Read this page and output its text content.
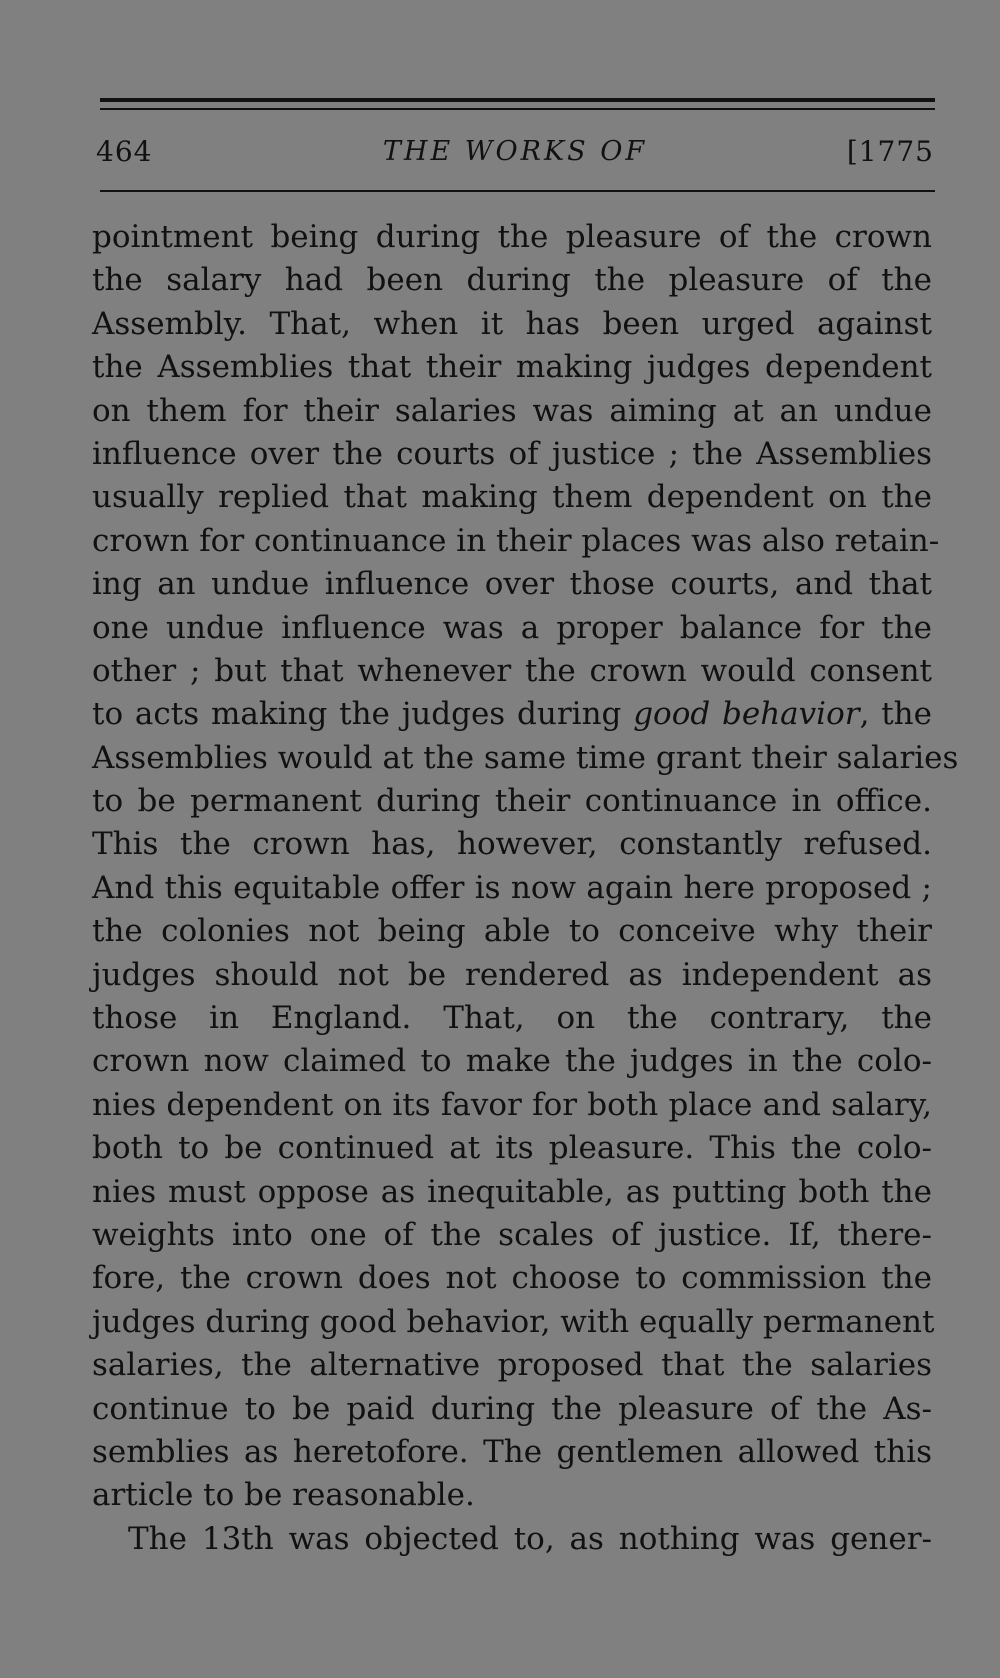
464	THE WORKS OF	[1775
pointment being during the pleasure of the crown
the salary had been during the pleasure of the
Assembly. That, when it has been urged against
the Assemblies that their making judges dependent
on them for their salaries was aiming at an undue
influence over the courts of justice ; the Assemblies
usually replied that making them dependent on the
crown for continuance in their places was also retain-
ing an undue influence over those courts, and that
one undue influence was a proper balance for the
other ; but that whenever the crown would consent
to acts making the judges during good behavior, the
Assemblies would at the same time grant their salaries
to be permanent during their continuance in office.
This the crown has, however, constantly refused.
And this equitable offer is now again here proposed ;
the colonies not being able to conceive why their
judges should not be rendered as independent as
those in England. That, on the contrary, the
crown now claimed to make the judges in the colo-
nies dependent on its favor for both place and salary,
both to be continued at its pleasure. This the colo-
nies must oppose as inequitable, as putting both the
weights into one of the scales of justice. If, there-
fore, the crown does not choose to commission the
judges during good behavior, with equally permanent
salaries, the alternative proposed that the salaries
continue to be paid during the pleasure of the As-
semblies as heretofore. The gentlemen allowed this
article to be reasonable.
The 13th was objected to, as nothing was gener-
